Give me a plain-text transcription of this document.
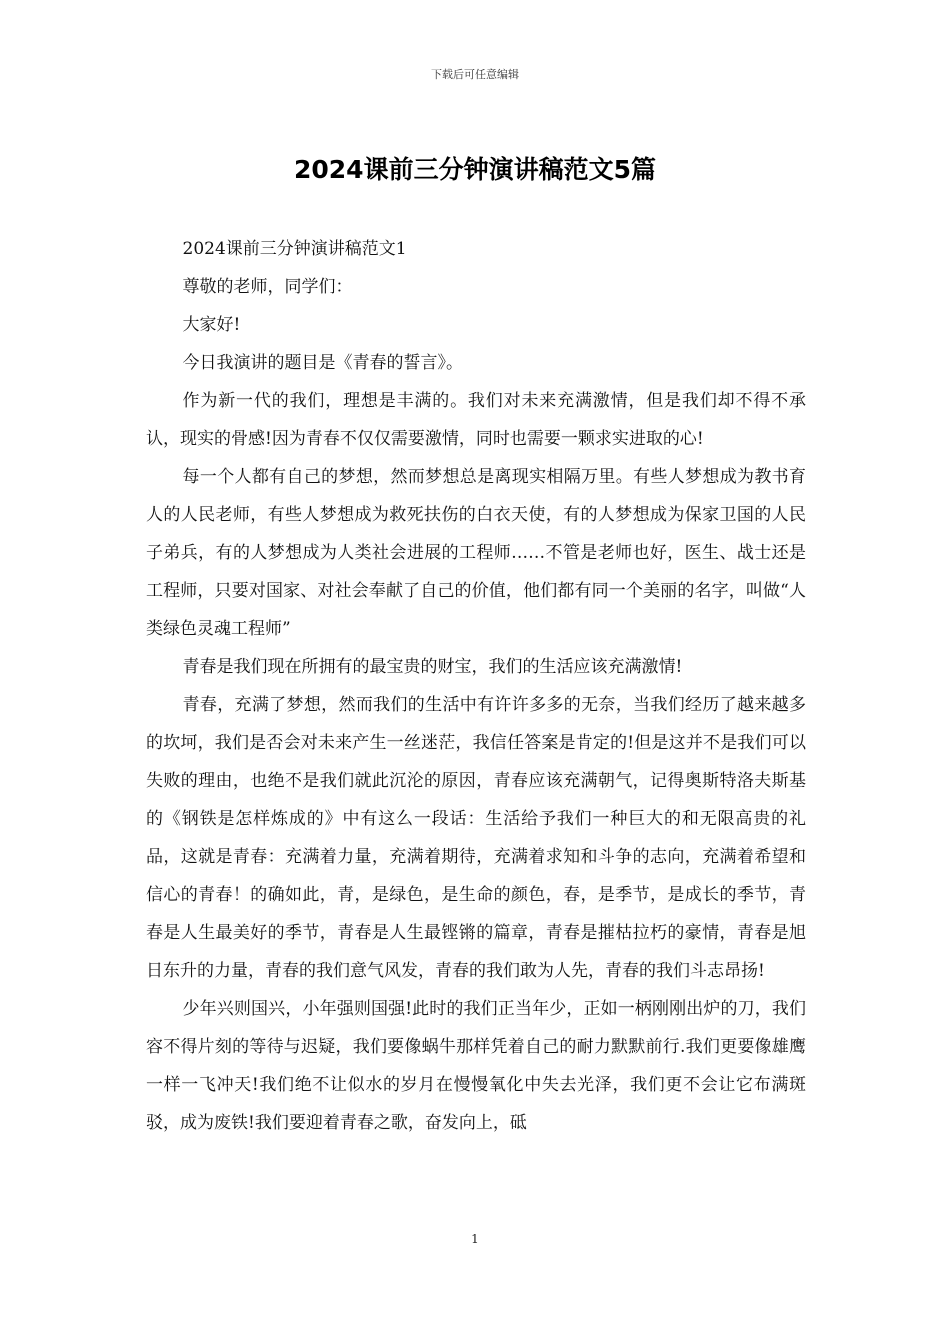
下载后可任意编辑
2024课前三分钟演讲稿范文5篇

2024课前三分钟演讲稿范文1

尊敬的老师，同学们：

大家好!

今日我演讲的题目是《青春的誓言》。

作为新一代的我们，理想是丰满的。我们对未来充满激情，但是我们却不得不承认，现实的骨感!因为青春不仅仅需要激情，同时也需要一颗求实进取的心!

每一个人都有自己的梦想，然而梦想总是离现实相隔万里。有些人梦想成为教书育人的人民老师，有些人梦想成为救死扶伤的白衣天使，有的人梦想成为保家卫国的人民子弟兵，有的人梦想成为人类社会进展的工程师……不管是老师也好，医生、战士还是工程师，只要对国家、对社会奉献了自己的价值，他们都有同一个美丽的名字，叫做“人类绿色灵魂工程师”

青春是我们现在所拥有的最宝贵的财宝，我们的生活应该充满激情!

青春，充满了梦想，然而我们的生活中有许许多多的无奈，当我们经历了越来越多的坎坷，我们是否会对未来产生一丝迷茫，我信任答案是肯定的!但是这并不是我们可以失败的理由，也绝不是我们就此沉沦的原因，青春应该充满朝气，记得奥斯特洛夫斯基的《钢铁是怎样炼成的》中有这么一段话：生活给予我们一种巨大的和无限高贵的礼品，这就是青春：充满着力量，充满着期待，充满着求知和斗争的志向，充满着希望和信心的青春！的确如此，青，是绿色，是生命的颜色，春，是季节，是成长的季节，青春是人生最美好的季节，青春是人生最铿锵的篇章，青春是摧枯拉朽的豪情，青春是旭日东升的力量，青春的我们意气风发，青春的我们敢为人先，青春的我们斗志昂扬!

少年兴则国兴，小年强则国强!此时的我们正当年少，正如一柄刚刚出炉的刀，我们容不得片刻的等待与迟疑，我们要像蜗牛那样凭着自己的耐力默默前行.我们更要像雄鹰一样一飞冲天!我们绝不让似水的岁月在慢慢氧化中失去光泽，我们更不会让它布满斑驳，成为废铁!我们要迎着青春之歌，奋发向上，砥

1
